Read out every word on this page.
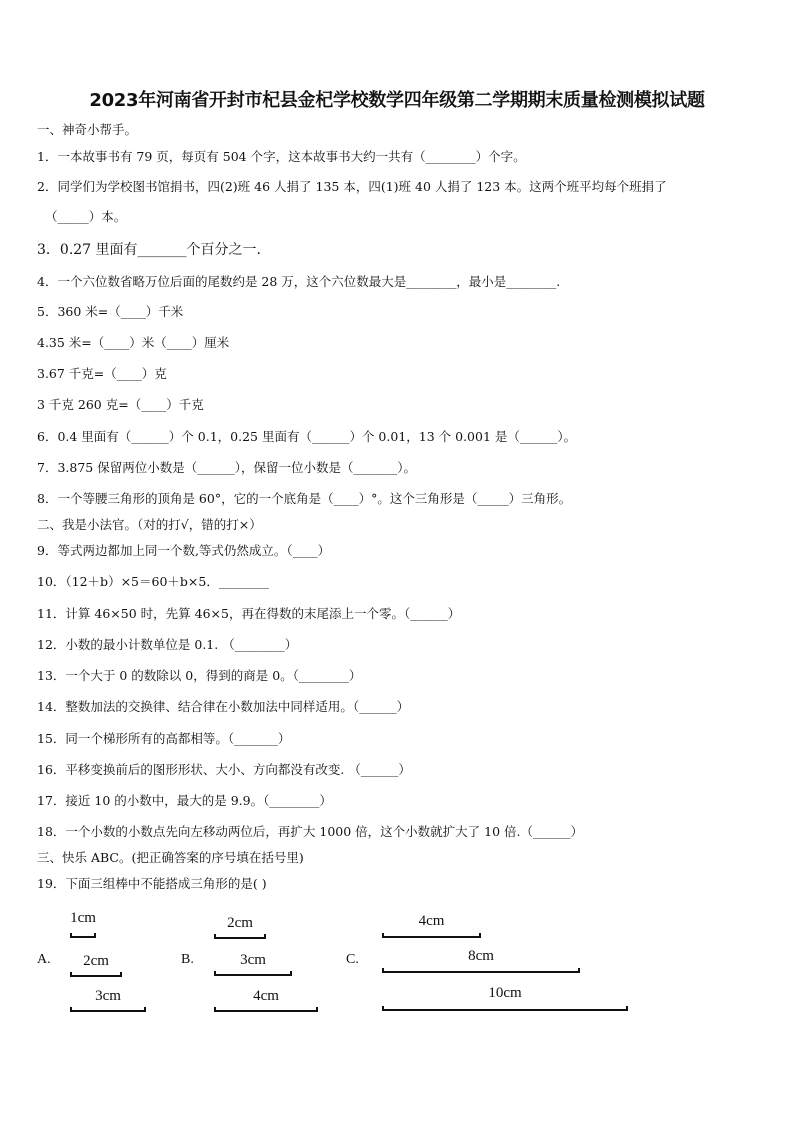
2023年河南省开封市杞县金杞学校数学四年级第二学期期末质量检测模拟试题
一、神奇小帮手。
1．一本故事书有 79 页，每页有 504 个字，这本故事书大约一共有（________）个字。
2．同学们为学校图书馆捐书，四(2)班 46 人捐了 135 本，四(1)班 40 人捐了 123 本。这两个班平均每个班捐了
（_____）本。
3．0.27 里面有_______个百分之一.
4．一个六位数省略万位后面的尾数约是 28 万，这个六位数最大是________，最小是________.
5．360 米=（____）千米
4.35 米=（____）米（____）厘米
3.67 千克=（____）克
3 千克 260 克=（____）千克
6．0.4 里面有（______）个 0.1，0.25 里面有（______）个 0.01，13 个 0.001 是（______）。
7．3.875 保留两位小数是（______），保留一位小数是（_______）。
8．一个等腰三角形的顶角是 60°，它的一个底角是（____）°。这个三角形是（_____）三角形。
二、我是小法官。（对的打√，错的打×）
9．等式两边都加上同一个数,等式仍然成立。（____）
10．（12＋b）×5＝60＋b×5．________
11．计算 46×50 时，先算 46×5，再在得数的末尾添上一个零。（______）
12．小数的最小计数单位是 0.1. （________）
13．一个大于 0 的数除以 0，得到的商是 0。（________）
14．整数加法的交换律、结合律在小数加法中同样适用。（______）
15．同一个梯形所有的高都相等。（_______）
16．平移变换前后的图形形状、大小、方向都没有改变. （______）
17．接近 10 的小数中，最大的是 9.9。（________）
18．一个小数的小数点先向左移动两位后，再扩大 1000 倍，这个小数就扩大了 10 倍.（______）
三、快乐 ABC。(把正确答案的序号填在括号里)
19．下面三组棒中不能搭成三角形的是( )
A.
1cm
2cm
3cm
B.
2cm
3cm
4cm
C.
4cm
8cm
10cm
